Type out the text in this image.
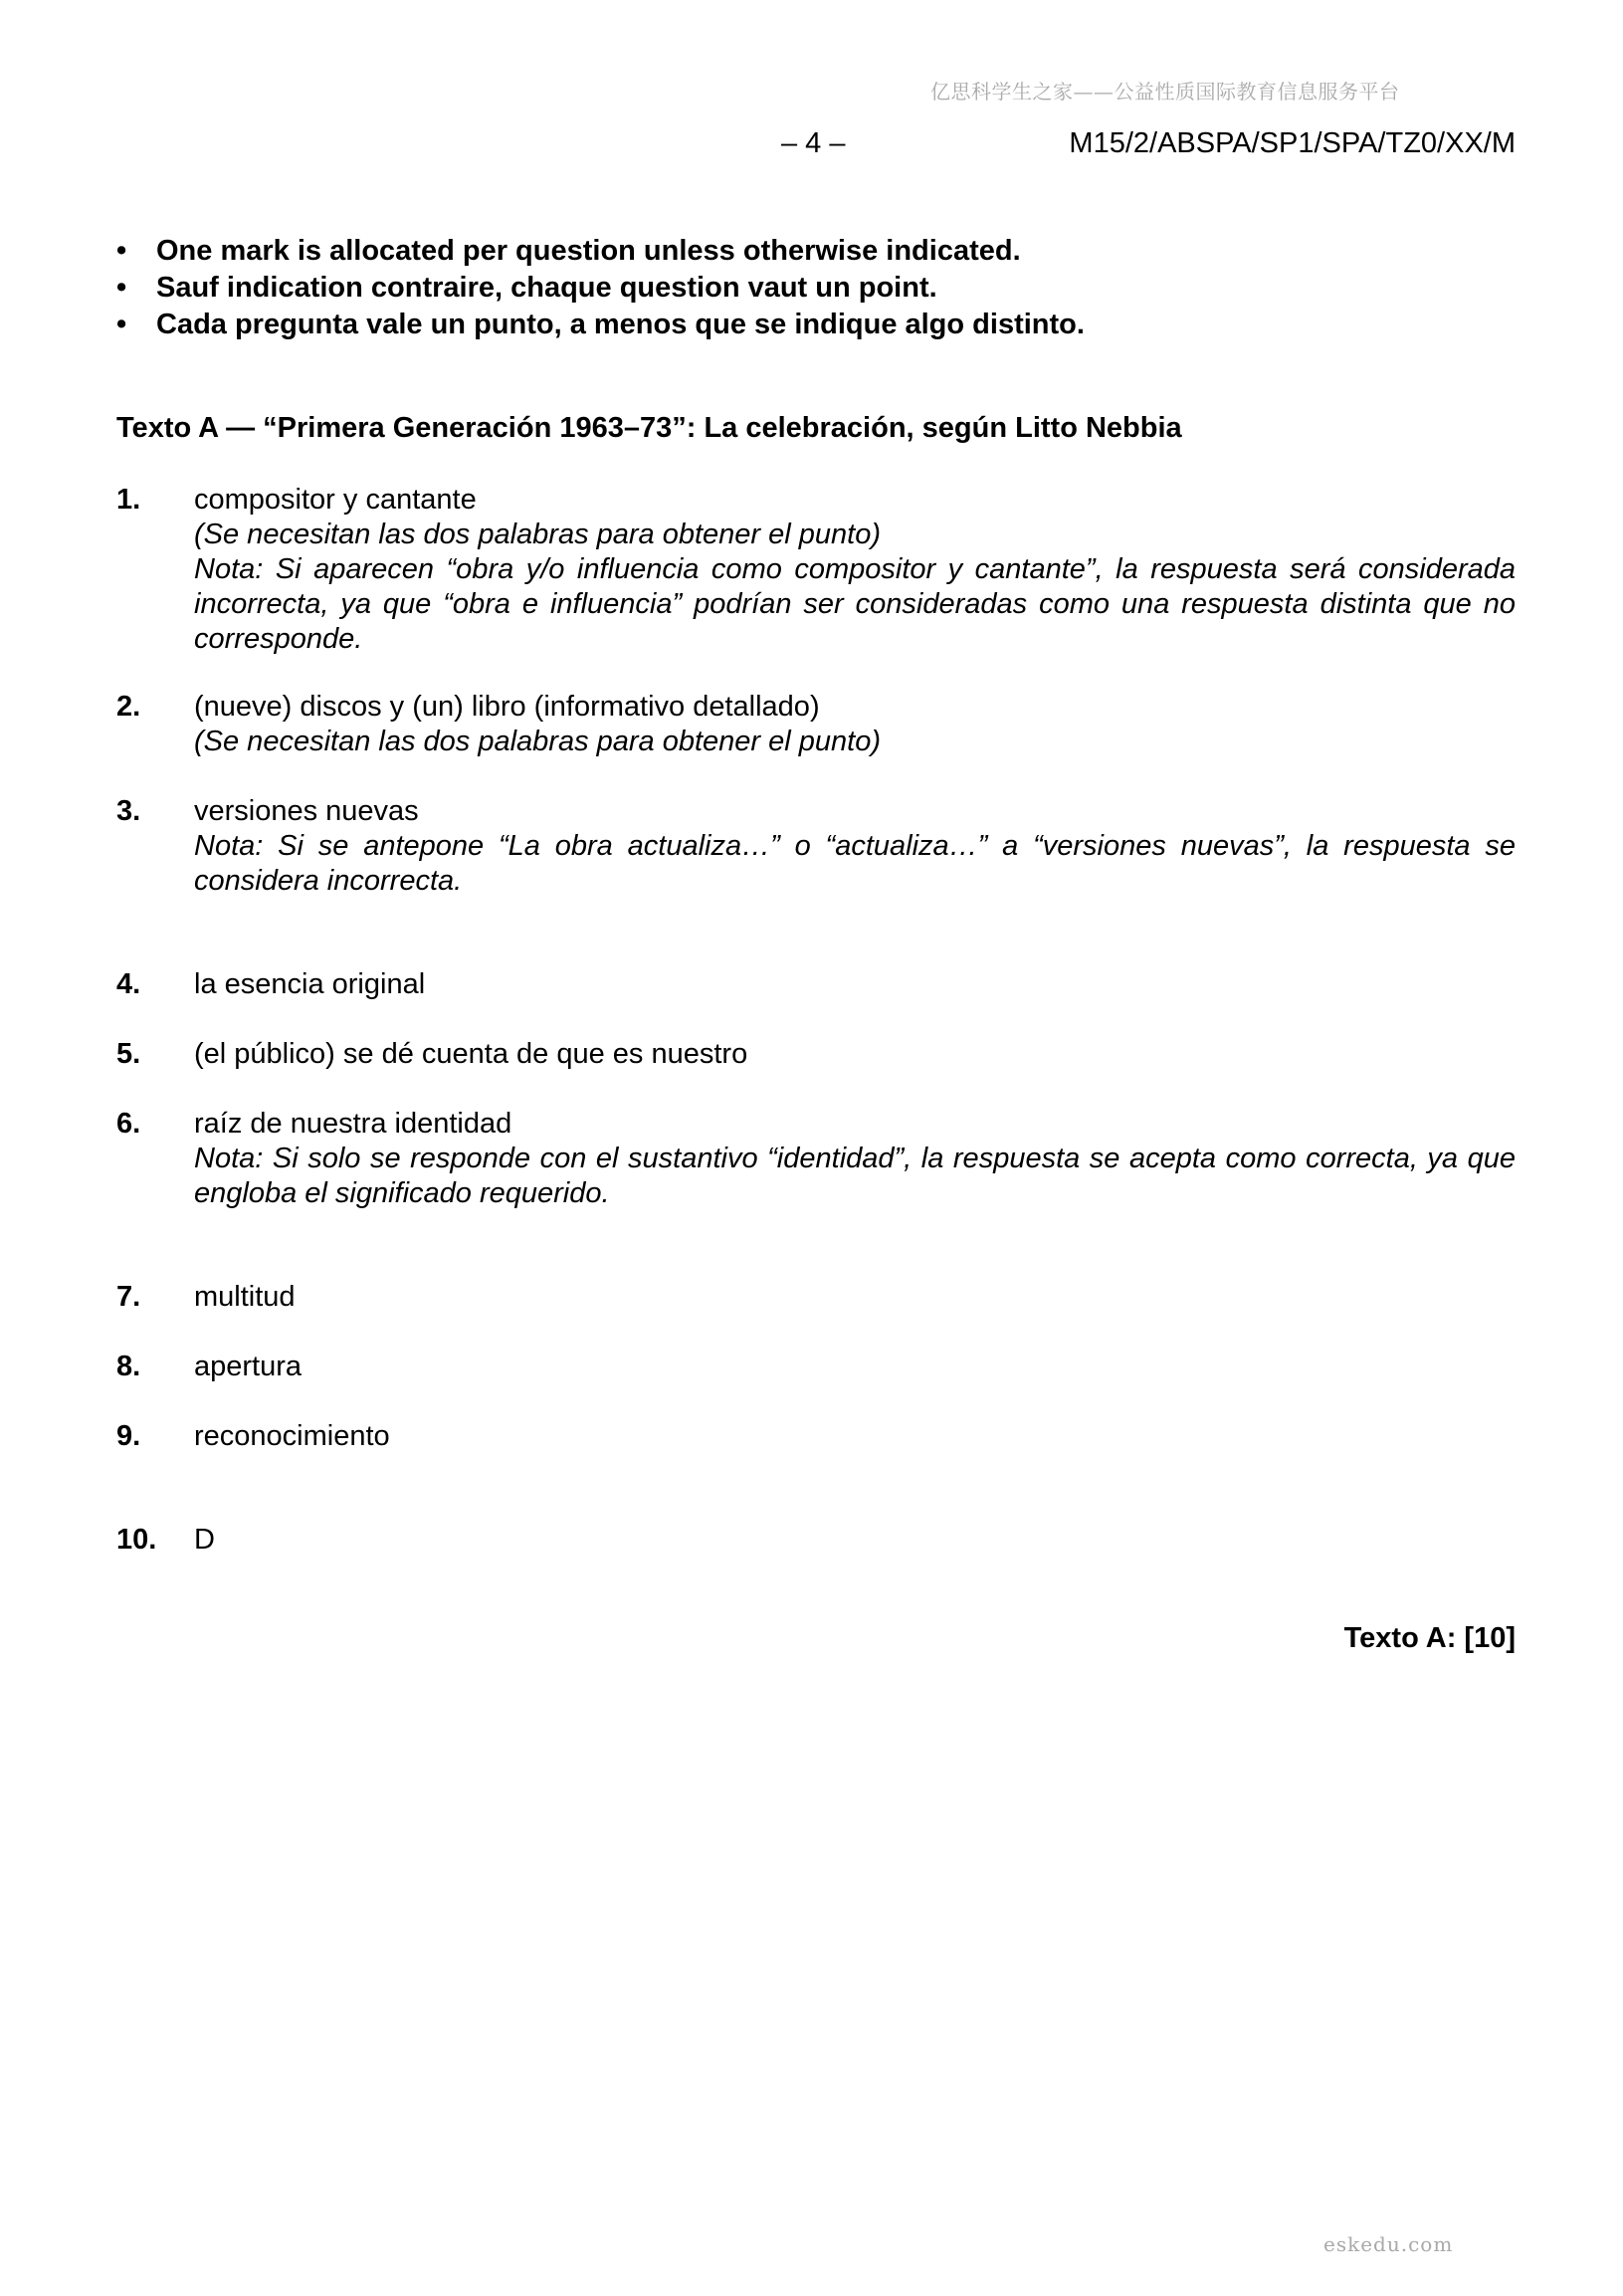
亿思科学生之家——公益性质国际教育信息服务平台
– 4 –	M15/2/ABSPA/SP1/SPA/TZ0/XX/M
•	One mark is allocated per question unless otherwise indicated.
•	Sauf indication contraire, chaque question vaut un point.
•	Cada pregunta vale un punto, a menos que se indique algo distinto.
Texto A — “Primera Generación 1963–73”: La celebración, según Litto Nebbia
1. compositor y cantante
(Se necesitan las dos palabras para obtener el punto)
Nota: Si aparecen “obra y/o influencia como compositor y cantante”, la respuesta será considerada incorrecta, ya que “obra e influencia” podrían ser consideradas como una respuesta distinta que no corresponde.
2. (nueve) discos y (un) libro (informativo detallado)
(Se necesitan las dos palabras para obtener el punto)
3. versiones nuevas
Nota: Si se antepone “La obra actualiza…” o “actualiza…” a “versiones nuevas”, la respuesta se considera incorrecta.
4. la esencia original
5. (el público) se dé cuenta de que es nuestro
6. raíz de nuestra identidad
Nota: Si solo se responde con el sustantivo “identidad”, la respuesta se acepta como correcta, ya que engloba el significado requerido.
7. multitud
8. apertura
9. reconocimiento
10. D
Texto A: [10]
eskedu.com
